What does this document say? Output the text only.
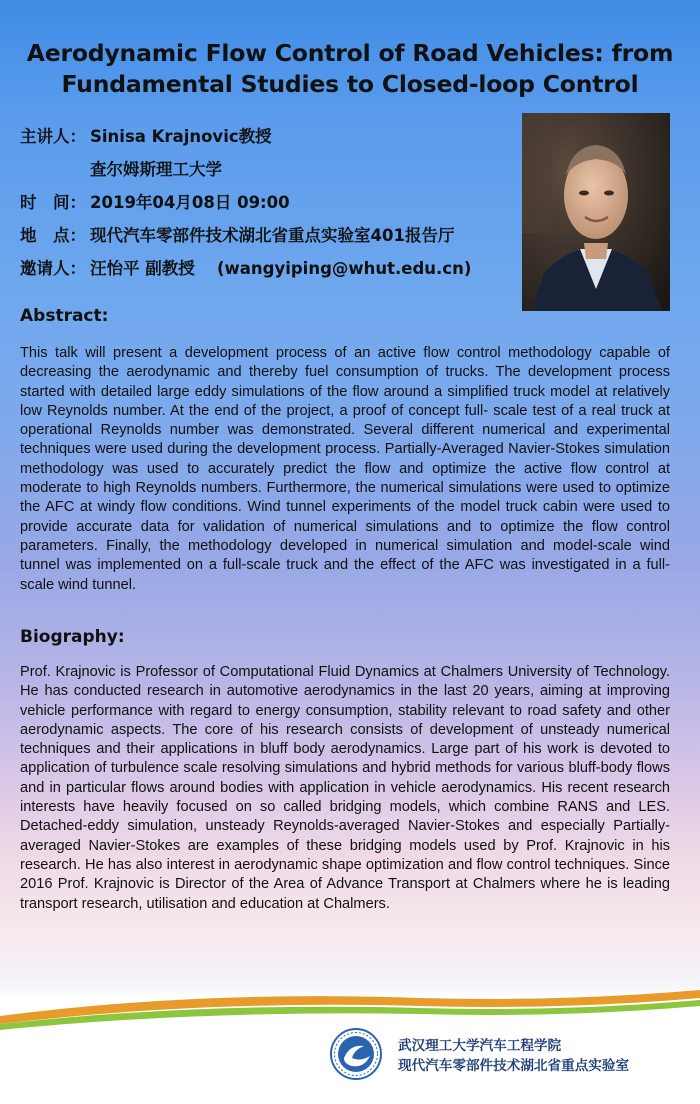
Aerodynamic Flow Control of Road Vehicles: from
Fundamental Studies to Closed-loop Control
主讲人： Sinisa Krajnovic教授
查尔姆斯理工大学
时　间： 2019年04月08日 09:00
地　点： 现代汽车零部件技术湖北省重点实验室401报告厅
邀请人： 汪怡平 副教授　 (wangyiping@whut.edu.cn)
Abstract:
This talk will present a development process of an active flow control methodology capable of decreasing the aerodynamic and thereby fuel consumption of trucks. The development process started with detailed large eddy simulations of the flow around a simplified truck model at relatively low Reynolds number. At the end of the project, a proof of concept full- scale test of a real truck at operational Reynolds number was demonstrated. Several different numerical and experimental techniques were used during the development process. Partially-Averaged Navier-Stokes simulation methodology was used to accurately predict the flow and optimize the active flow control at moderate to high Reynolds numbers. Furthermore, the numerical simulations were used to optimize the AFC at windy flow conditions. Wind tunnel experiments of the model truck cabin were used to provide accurate data for validation of numerical simulations and to optimize the flow control parameters. Finally, the methodology developed in numerical simulation and model-scale wind tunnel was implemented on a full-scale truck and the effect of the AFC was investigated in a full-scale wind tunnel.
Biography:
Prof. Krajnovic is Professor of Computational Fluid Dynamics at Chalmers University of Technology. He has conducted research in automotive aerodynamics in the last 20 years, aiming at improving vehicle performance with regard to energy consumption, stability relevant to road safety and other aerodynamic aspects. The core of his research consists of development of unsteady numerical techniques and their applications in bluff body aerodynamics. Large part of his work is devoted to application of turbulence scale resolving simulations and hybrid methods for various bluff-body flows and in particular flows around bodies with application in vehicle aerodynamics. His recent research interests have heavily focused on so called bridging models, which combine RANS and LES. Detached-eddy simulation, unsteady Reynolds-averaged Navier-Stokes and especially Partially-averaged Navier-Stokes are examples of these bridging models used by Prof. Krajnovic in his research. He has also interest in aerodynamic shape optimization and flow control techniques. Since 2016 Prof. Krajnovic is Director of the Area of Advance Transport at Chalmers where he is leading transport research, utilisation and education at Chalmers.
武汉理工大学汽车工程学院
现代汽车零部件技术湖北省重点实验室
